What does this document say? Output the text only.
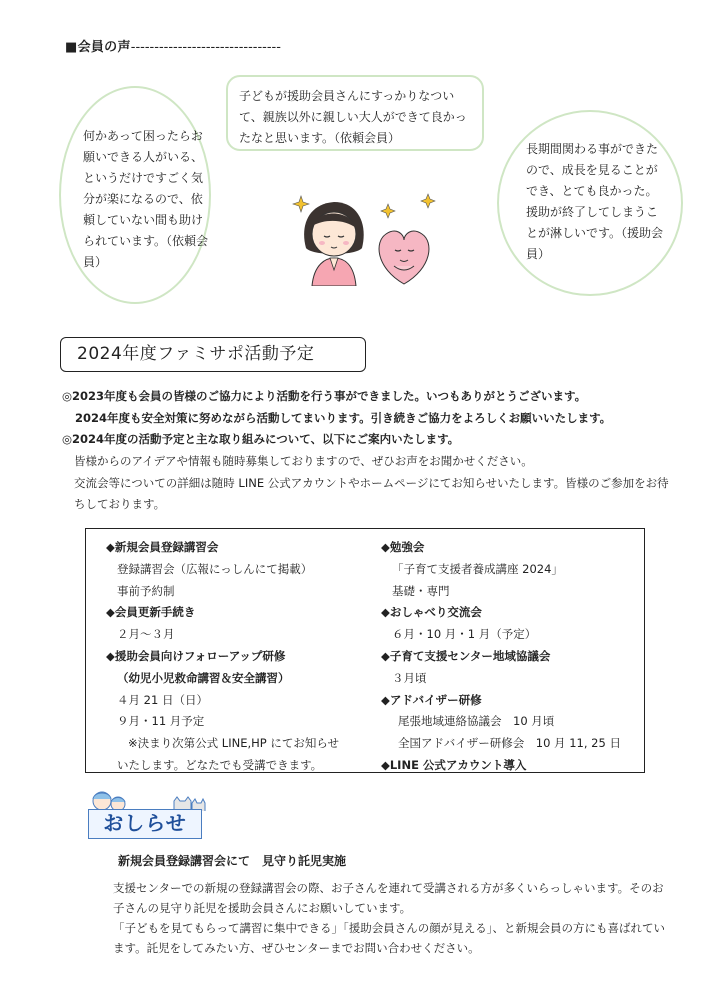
■会員の声--------------------------------

何かあって困ったらお願いできる人がいる、というだけですごく気分が楽になるので、依頼していない間も助けられています。（依頼会員）

子どもが援助会員さんにすっかりなついて、親族以外に親しい大人ができて良かったなと思います。（依頼会員）

長期間関わる事ができたので、成長を見ることができ、とても良かった。援助が終了してしまうことが淋しいです。（援助会員）

2024年度ファミサポ活動予定
◎2023年度も会員の皆様のご協力により活動を行う事ができました。いつもありがとうございます。
2024年度も安全対策に努めながら活動してまいります。引き続きご協力をよろしくお願いいたします。
◎2024年度の活動予定と主な取り組みについて、以下にご案内いたします。
皆様からのアイデアや情報も随時募集しておりますので、ぜひお声をお聞かせください。
交流会等についての詳細は随時 LINE 公式アカウントやホームページにてお知らせいたします。皆様のご参加をお待ちしております。
◆新規会員登録講習会
登録講習会（広報にっしんにて掲載）
事前予約制
◆会員更新手続き
２月～３月
◆援助会員向けフォローアップ研修
（幼児小児救命講習＆安全講習）
４月 21 日（日）
９月・11 月予定
※決まり次第公式 LINE,HP にてお知らせ
いたします。どなたでも受講できます。
◆勉強会
「子育て支援者養成講座 2024」
基礎・専門
◆おしゃべり交流会
６月・10 月・1 月（予定）
◆子育て支援センター地域協議会
３月頃
◆アドバイザー研修
尾張地域連絡協議会　10 月頃
全国アドバイザー研修会　10 月 11, 25 日
◆LINE 公式アカウント導入
おしらせ
新規会員登録講習会にて　見守り託児実施
支援センターでの新規の登録講習会の際、お子さんを連れて受講される方が多くいらっしゃいます。そのお子さんの見守り託児を援助会員さんにお願いしています。
「子どもを見てもらって講習に集中できる」「援助会員さんの顔が見える」、と新規会員の方にも喜ばれています。託児をしてみたい方、ぜひセンターまでお問い合わせください。
